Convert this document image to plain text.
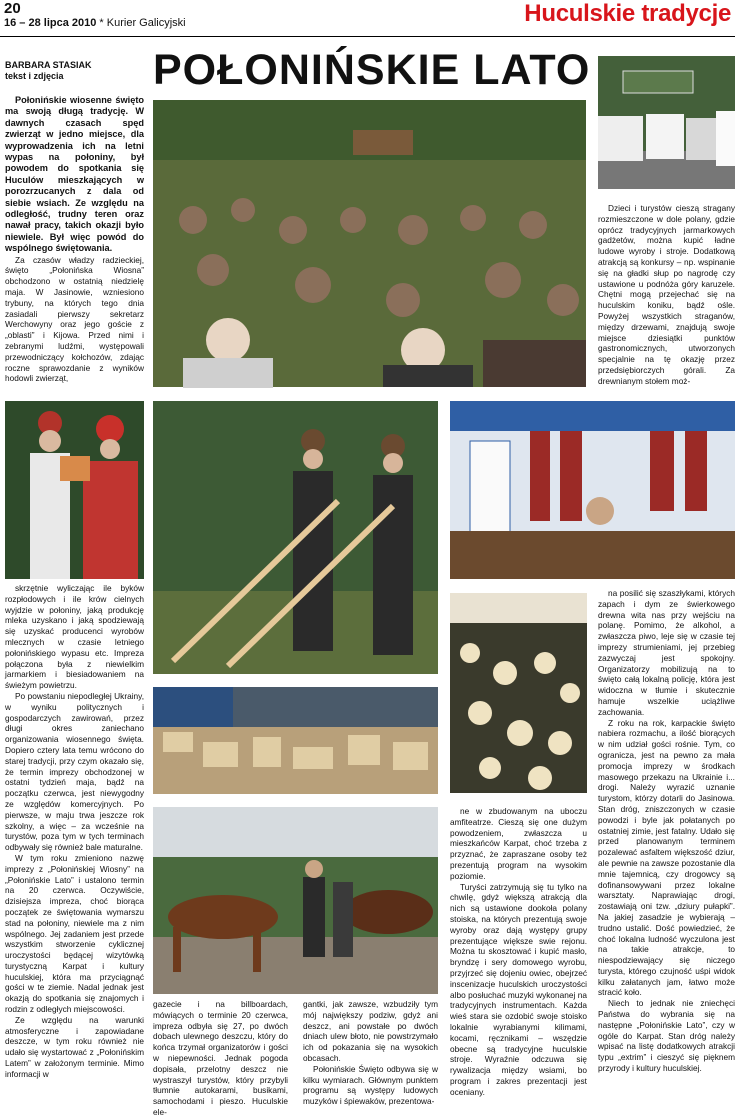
20
16 – 28 lipca 2010 * Kurier Galicyjski	Huculskie tradycje
POŁONIŃSKIE LATO
BARBARA STASIAK
tekst i zdjęcia

Połonińskie wiosenne święto ma swoją długą tradycję. W dawnych czasach spęd zwierząt w jedno miejsce, dla wyprowadzenia ich na letni wypas na połoniny, był powodem do spotkania się Huculów mieszkających w porozrzucanych z dala od siebie wsiach. Ze względu na odległość, trudny teren oraz nawał pracy, takich okazji było niewiele. Był więc powód do wspólnego świętowania.

Za czasów władzy radzieckiej, święto „Połonińska Wiosna” obchodzono w ostatnią niedzielę maja. W Jasinowie, wzniesiono trybuny, na których tego dnia zasiadali pierwszy sekretarz Werchowyny oraz jego goście z „oblasti” i Kijowa. Przed nimi i zebranymi ludźmi, występowali przewodniczący kołchozów, zdając roczne sprawozdanie z wyników hodowli zwierząt,

Dzieci i turystów cieszą straganу rozmieszczone w dole polany, gdzie oprócz tradycyjnych jarmarkowych gadżetów, można kupić ładne ludowe wyroby i stroje. Dodatkową atrakcją są konkursy – np. wspinanie się na gładki słup po nagrodę czy ustawione u podnóża góry karuzele. Chętni mogą przejechać się na huculskim koniku, bądź ośle. Powyżej wszystkich straganów, między drzewami, znajdują swoje miejsce dziesiątki punktów gastronomicznych, utworzonych specjalnie na tę okazję przez przedsiębiorczych górali. Za drewnianym stołem moż-

skrzętnie wyliczając ile byków rozpłodowych i ile krów cielnych wyjdzie w połoniny, jaką produkcję mleka uzyskano i jaką spodziewają się uzyskać producenci wyrobów mlecznych w czasie letniego połonińskiego wypasu etc. Impreza połączona była z niewielkim jarmarkiem i biesiadowaniem na świeżym powietrzu.

Po powstaniu niepodległej Ukrainy, w wyniku politycznych i gospodarczych zawirowań, przez długi okres zaniechano organizowania wiosennego święta. Dopiero cztery lata temu wrócono do starej tradycji, przy czym okazało się, że termin imprezy obchodzonej w ostatni tydzień maja, bądź na początku czerwca, jest niewygodny ze względów komercyjnych. Po pierwsze, w maju trwa jeszcze rok szkolny, a więc – za wcześnie na turystów, poza tym w tych terminach odbywały się również bale maturalne.

W tym roku zmieniono nazwę imprezy z „Połonińskiej Wiosny” na „Połonińskie Lato” i ustalono termin na 20 czerwca. Oczywiście, dzisiejsza impreza, choć biorąca początek ze świętowania wymarszu stad na połoniny, niewiele ma z nim wspólnego. Jej zadaniem jest przede wszystkim stworzenie cyklicznej uroczystości będącej wizytówką turystyczną Karpat i kultury huculskiej, która ma przyciągnąć gości w te ziemie. Nadal jednak jest okazją do spotkania się znajomych i rodzin z odległych miejscowości.

Ze względu na warunki atmosferyczne i zapowiadane deszcze, w tym roku również nie udało się wystartować z „Połonińskim Latem” w założonym terminie. Mimo informacji w

na posilić się szaszłykami, których zapach i dym ze świerkowego drewna wita nas przy wejściu na polanę. Pomimo, że alkohol, a zwłaszcza piwo, leje się w czasie tej imprezy strumieniami, jej przebieg zazwyczaj jest spokojny. Organizatorzy mobilizują na to święto całą lokalną policję, która jest widoczna w tłumie i skutecznie hamuje wszelkie uciążliwe zachowania.

Z roku na rok, karpackie święto nabiera rozmachu, a ilość biorących w nim udział gości rośnie. Tym, co ogranicza, jest na pewno za mała promocja imprezy w środkach masowego przekazu na Ukrainie i... drogi. Należy wyrazić uznanie turystom, którzy dotarli do Jasinowa. Stan dróg, zniszczonych w czasie powodzi i byle jak połatanych po ostatniej zimie, jest fatalny. Udało się przed planowanym terminem pozalewać asfaltem większość dziur, ale pewnie na zawsze pozostanie dla mnie tajemnicą, czy drogowcy są dofinansowywani przez lokalne warsztaty. Naprawiając drogi, zostawiają oni tzw. „dziury pułapki”. Na jakiej zasadzie je wybierają – trudno ustalić. Dość powiedzieć, że choć lokalna ludność wyczulona jest na takie atrakcje, to niespodziewający się niczego turysta, którego czujność uśpi widok kilku załatanych jam, łatwo może stracić koło.

Niech to jednak nie zniechęci Państwa do wybrania się na następne „Połonińskie Lato”, czy w ogóle do Karpat. Stan dróg należy wpisać na listę dodatkowych atrakcji typu „extrim” i cieszyć się pięknem przyrody i kultury huculskiej.

ne w zbudowanym na uboczu amfiteatrze. Cieszą się one dużym powodzeniem, zwłaszcza u mieszkańców Karpat, choć trzeba z przyznać, że zapraszane osoby też prezentują program na wysokim poziomie.

Turyści zatrzymują się tu tylko na chwilę, gdyż większą atrakcją dla nich są ustawione dookoła polany stoiska, na których prezentują swoje wyroby oraz dają występy grupy prezentujące większe swie rejonu. Można tu skosztować i kupić masło, bryndzę i sery domowego wyrobu, przyjrzeć się dojeniu owiec, obejrzeć inscenizacje huculskich uroczystości albo posłuchać muzyki wykonanej na tradycyjnych instrumentach. Każda wieś stara sie ozdobić swoje stoisko lokalnie wyrabianymi kilimami, kocami, ręcznikami – wszędzie obecne są tradycyjne huculskie stroje. Wyraźnie odczuwa się rywalizacja między wsiami, bo program i zakres prezentacji jest oceniany.

gazecie i na billboardach, mówiących o terminie 20 czerwca, impreza odbyła się 27, po dwóch dobach ulewnego deszczu, który do końca trzymał organizatorów i gości w niepewności. Jednak pogoda dopisała, przelotny deszcz nie wystraszył turystów, który przybyli tłumnie autokarami, busikami, samochodami i pieszo. Huculskie ele-

gantki, jak zawsze, wzbudziły tym mój największy podziw, gdyż ani deszcz, ani powstałe po dwóch dniach ulew błoto, nie powstrzymało ich od pokazania się na wysokich obcasach.

Połonińskie Święto odbywa się w kilku wymiarach. Głównym punktem programu są występy ludowych muzyków i śpiewaków, prezentowa-
